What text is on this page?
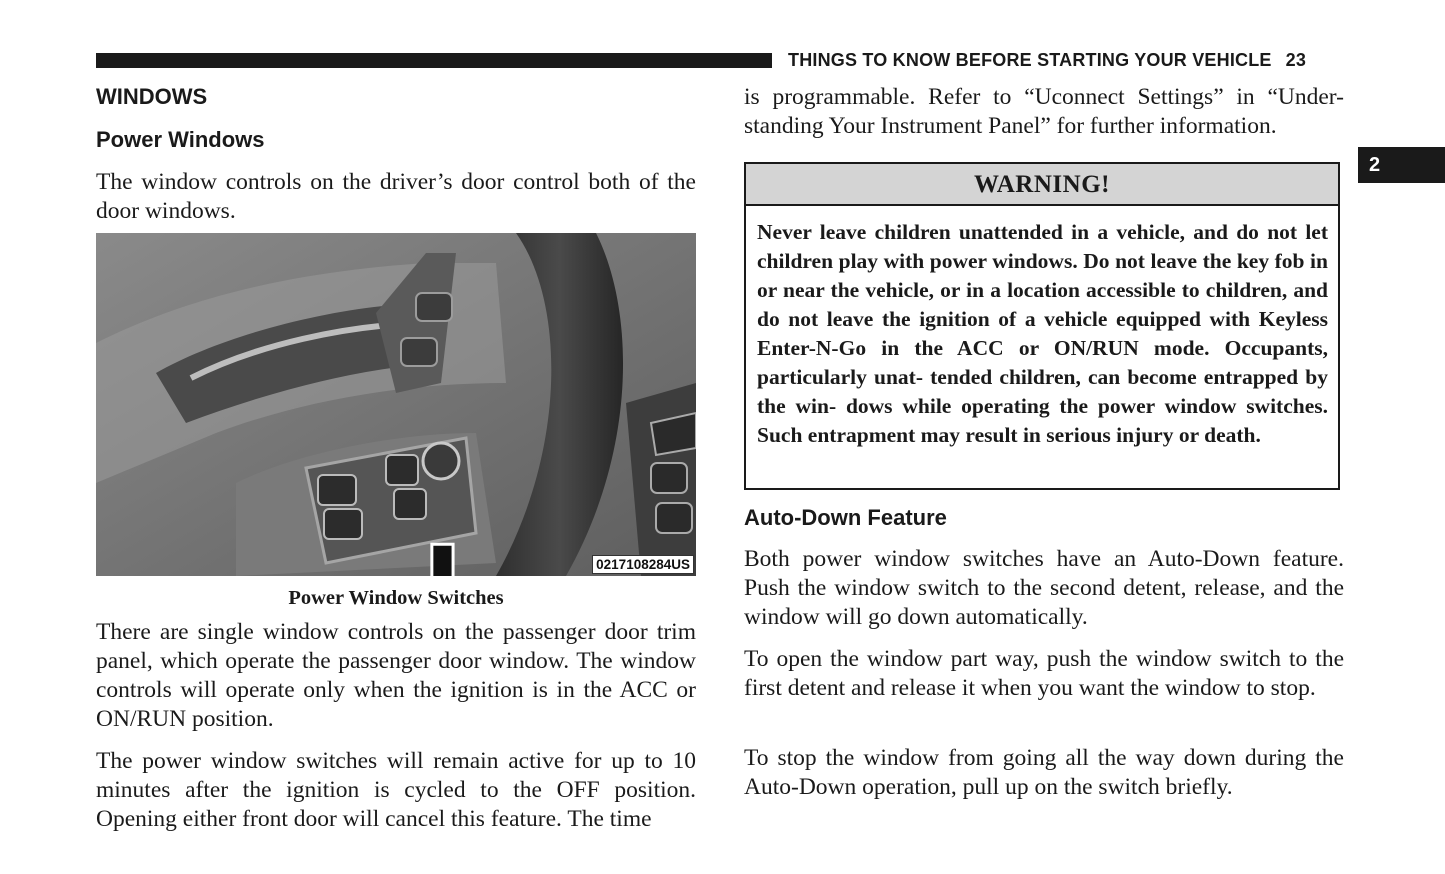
THINGS TO KNOW BEFORE STARTING YOUR VEHICLE 23
2
WINDOWS
Power Windows

The window controls on the driver’s door control both of the door windows.

0217108284US

Power Window Switches

There are single window controls on the passenger door trim panel, which operate the passenger door window. The window controls will operate only when the ignition is in the ACC or ON/RUN position.

The power window switches will remain active for up to 10 minutes after the ignition is cycled to the OFF position. Opening either front door will cancel this feature. The time

is programmable. Refer to “Uconnect Settings” in “Under- standing Your Instrument Panel” for further information.

WARNING!
Never leave children unattended in a vehicle, and do not let children play with power windows. Do not leave the key fob in or near the vehicle, or in a location accessible to children, and do not leave the ignition of a vehicle equipped with Keyless Enter-N-Go in the ACC or ON/RUN mode. Occupants, particularly unat- tended children, can become entrapped by the win- dows while operating the power window switches. Such entrapment may result in serious injury or death.
Auto-Down Feature

Both power window switches have an Auto-Down feature. Push the window switch to the second detent, release, and the window will go down automatically.

To open the window part way, push the window switch to the first detent and release it when you want the window to stop.

To stop the window from going all the way down during the Auto-Down operation, pull up on the switch briefly.
